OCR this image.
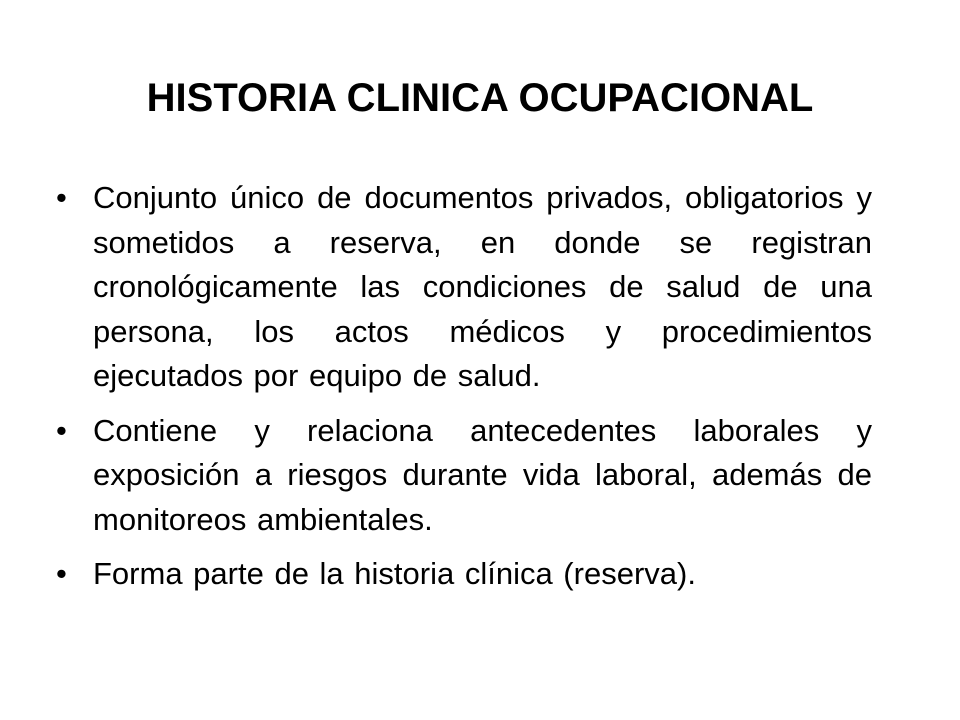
HISTORIA CLINICA OCUPACIONAL
• Conjunto único de documentos privados, obligatorios y sometidos a reserva, en donde se registran cronológicamente las condiciones de salud de una persona, los actos médicos y procedimientos ejecutados por equipo de salud.
• Contiene y relaciona antecedentes laborales y exposición a riesgos durante vida laboral, además de monitoreos ambientales.
• Forma parte de la historia clínica (reserva).
